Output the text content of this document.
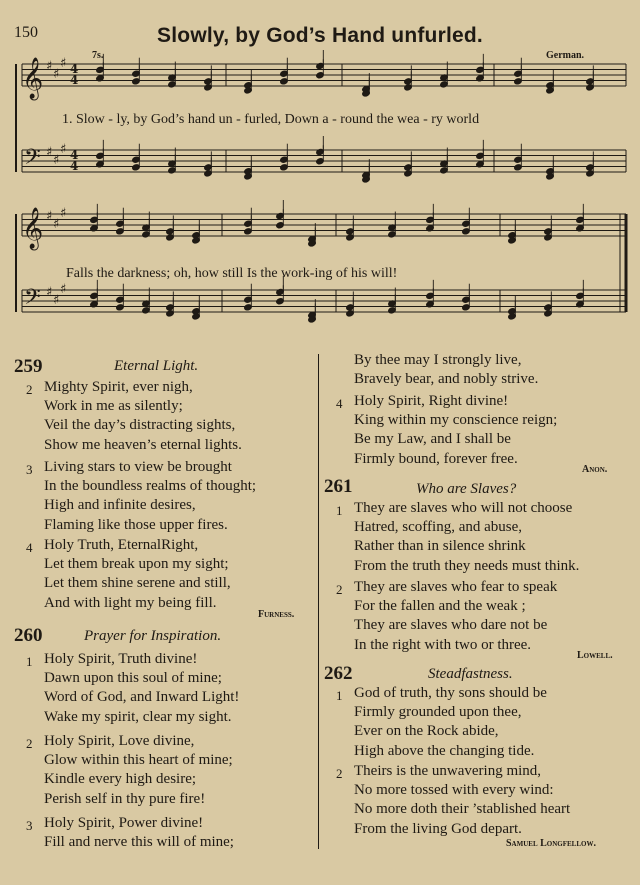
150	Slowly, by God’s Hand unfurled.
7s.	German.
𝄞 ♯
♯
♯ 4
4
𝄢 ♯
♯
♯ 4
4
𝄞 ♯
♯
♯
𝄢 ♯
♯
♯
1. Slow - ly, by God’s hand un - furled, Down a - round the wea - ry world
Falls the darkness; oh, how still Is the work-ing of his will!
259	Eternal Light.
2 Mighty Spirit, ever nigh,
Work in me as silently;
Veil the day’s distracting sights,
Show me heaven’s eternal lights.
3 Living stars to view be brought
In the boundless realms of thought;
High and infinite desires,
Flaming like those upper fires.
4 Holy Truth, EternalRight,
Let them break upon my sight;
Let them shine serene and still,
And with light my being fill.
Furness.
260	Prayer for Inspiration.
1 Holy Spirit, Truth divine!
Dawn upon this soul of mine;
Word of God, and Inward Light!
Wake my spirit, clear my sight.
2 Holy Spirit, Love divine,
Glow within this heart of mine;
Kindle every high desire;
Perish self in thy pure fire!
3 Holy Spirit, Power divine!
Fill and nerve this will of mine;
By thee may I strongly live,
Bravely bear, and nobly strive.
4 Holy Spirit, Right divine!
King within my conscience reign;
Be my Law, and I shall be
Firmly bound, forever free.
Anon.
261	Who are Slaves?
1 They are slaves who will not choose
Hatred, scoffing, and abuse,
Rather than in silence shrink
From the truth they needs must think.
2 They are slaves who fear to speak
For the fallen and the weak ;
They are slaves who dare not be
In the right with two or three.
Lowell.
262	Steadfastness.
1 God of truth, thy sons should be
Firmly grounded upon thee,
Ever on the Rock abide,
High above the changing tide.
2 Theirs is the unwavering mind,
No more tossed with every wind:
No more doth their ’stablished heart
From the living God depart.
Samuel Longfellow.
